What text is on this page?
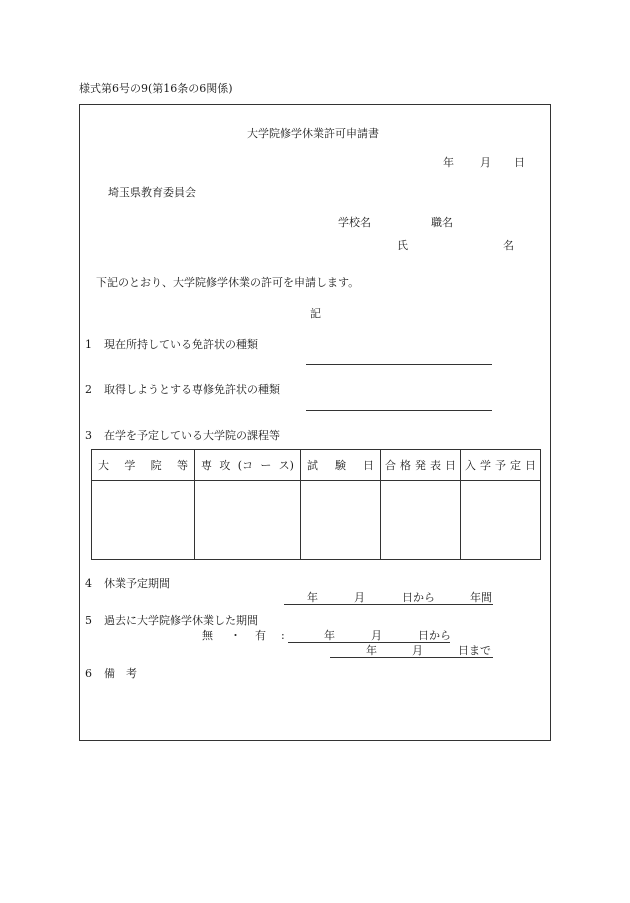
様式第6号の9(第16条の6関係)
大学院修学休業許可申請書
年 月 日
埼玉県教育委員会
学校名	職名
氏	名
下記のとおり、大学院修学休業の許可を申請します。
記
1 現在所持している免許状の種類
2 取得しようとする専修免許状の種類
3 在学を予定している大学院の課程等
大 学 院 等	専 攻 (コ ー ス)	試 験 日	合 格 発 表 日	入 学 予 定 日

4 休業予定期間
年	月	日から	年間
5 過去に大学院修学休業した期間
無 ・ 有 :	年	月	日から
年	月	日まで
6 備　考
